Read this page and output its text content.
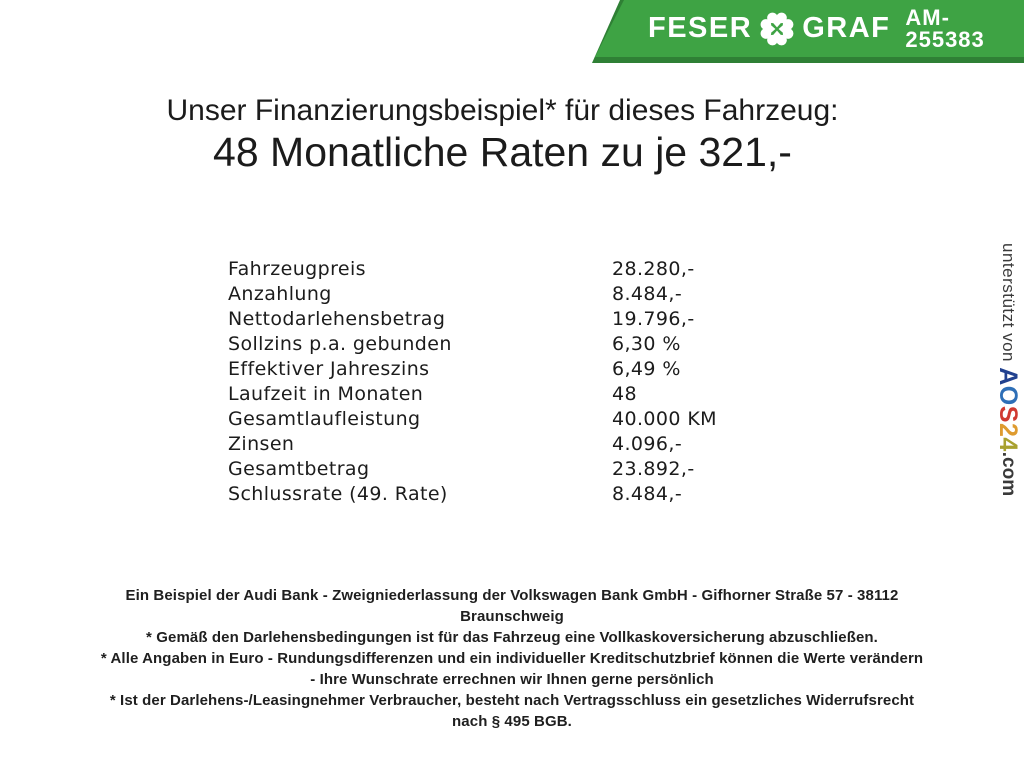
FESER GRAF AM-255383
Unser Finanzierungsbeispiel* für dieses Fahrzeug:
48 Monatliche Raten zu je 321,-
Fahrzeugpreis	28.280,-
Anzahlung	8.484,-
Nettodarlehensbetrag	19.796,-
Sollzins p.a. gebunden	6,30 %
Effektiver Jahreszins	6,49 %
Laufzeit in Monaten	48
Gesamtlaufleistung	40.000 KM
Zinsen	4.096,-
Gesamtbetrag	23.892,-
Schlussrate (49. Rate)	8.484,-
unterstützt von AOS24.com
Ein Beispiel der Audi Bank - Zweigniederlassung der Volkswagen Bank GmbH - Gifhorner Straße 57 - 38112
Braunschweig
* Gemäß den Darlehensbedingungen ist für das Fahrzeug eine Vollkaskoversicherung abzuschließen.
* Alle Angaben in Euro - Rundungsdifferenzen und ein individueller Kreditschutzbrief können die Werte verändern
- Ihre Wunschrate errechnen wir Ihnen gerne persönlich
* Ist der Darlehens-/Leasingnehmer Verbraucher, besteht nach Vertragsschluss ein gesetzliches Widerrufsrecht
nach § 495 BGB.
